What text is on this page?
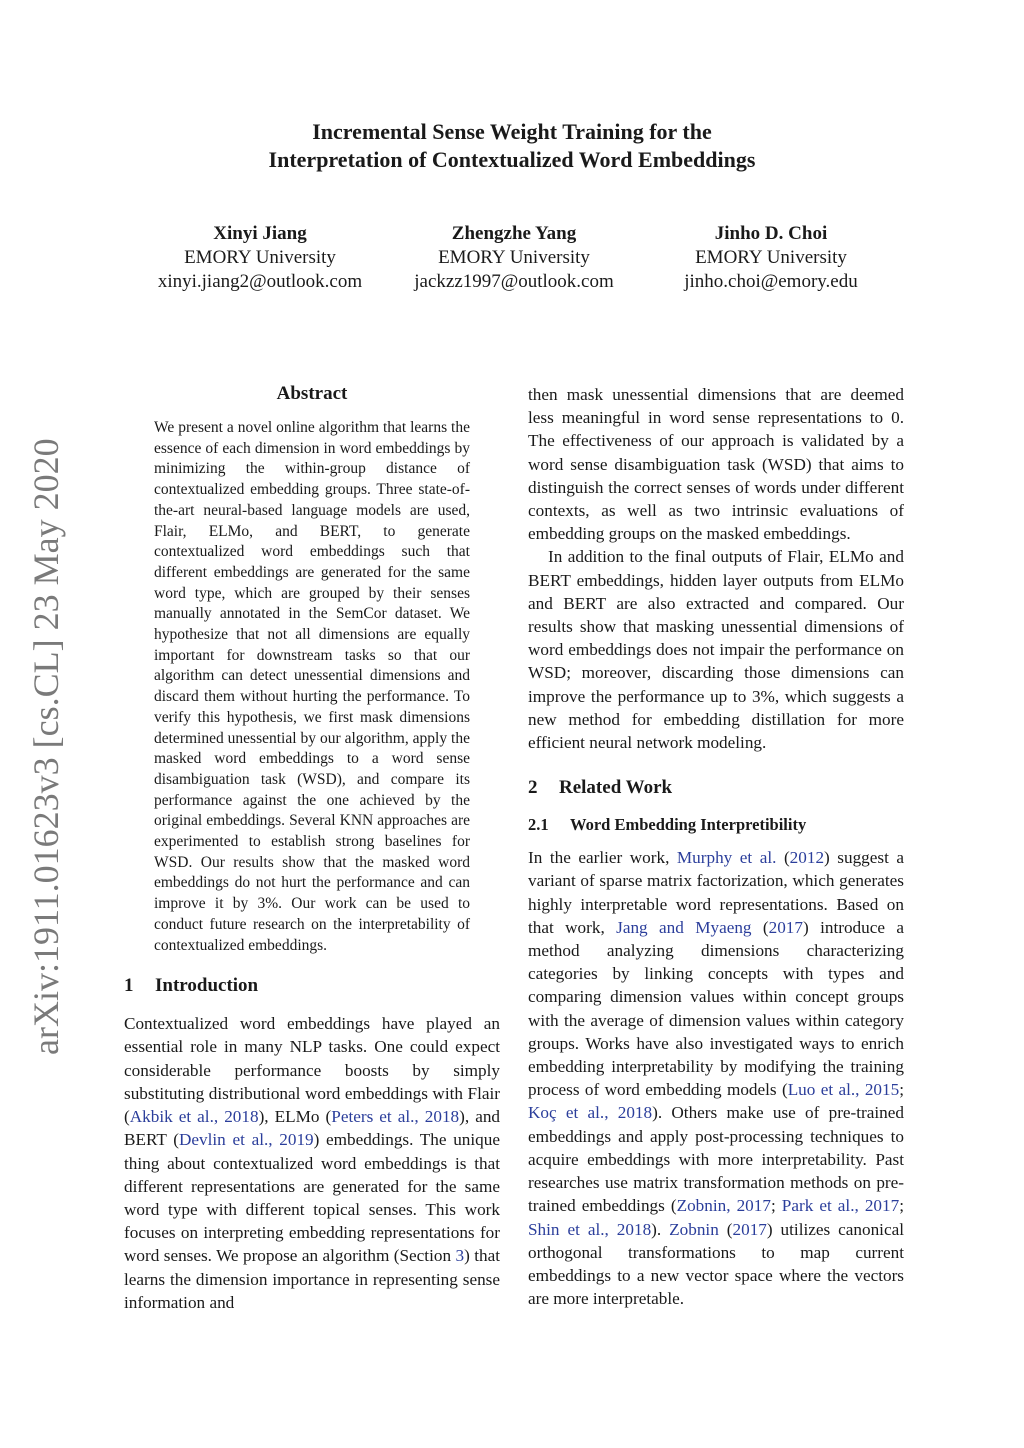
Incremental Sense Weight Training for the
Interpretation of Contextualized Word Embeddings
Xinyi Jiang
EMORY University
xinyi.jiang2@outlook.com
Zhengzhe Yang
EMORY University
jackzz1997@outlook.com
Jinho D. Choi
EMORY University
jinho.choi@emory.edu
arXiv:1911.01623v3 [cs.CL] 23 May 2020
Abstract

We present a novel online algorithm that learns the essence of each dimension in word embeddings by minimizing the within-group distance of contextualized embedding groups. Three state-of-the-art neural-based language models are used, Flair, ELMo, and BERT, to generate contextualized word embeddings such that different embeddings are generated for the same word type, which are grouped by their senses manually annotated in the SemCor dataset. We hypothesize that not all dimensions are equally important for downstream tasks so that our algorithm can detect unessential dimensions and discard them without hurting the performance. To verify this hypothesis, we first mask dimensions determined unessential by our algorithm, apply the masked word embeddings to a word sense disambiguation task (WSD), and compare its performance against the one achieved by the original embeddings. Several KNN approaches are experimented to establish strong baselines for WSD. Our results show that the masked word embeddings do not hurt the performance and can improve it by 3%. Our work can be used to conduct future research on the interpretability of contextualized embeddings.

1 Introduction

Contextualized word embeddings have played an essential role in many NLP tasks. One could expect considerable performance boosts by simply substituting distributional word embeddings with Flair (Akbik et al., 2018), ELMo (Peters et al., 2018), and BERT (Devlin et al., 2019) embeddings. The unique thing about contextualized word embeddings is that different representations are generated for the same word type with different topical senses. This work focuses on interpreting embedding representations for word senses. We propose an algorithm (Section 3) that learns the dimension importance in representing sense information and

then mask unessential dimensions that are deemed less meaningful in word sense representations to 0. The effectiveness of our approach is validated by a word sense disambiguation task (WSD) that aims to distinguish the correct senses of words under different contexts, as well as two intrinsic evaluations of embedding groups on the masked embeddings.

In addition to the final outputs of Flair, ELMo and BERT embeddings, hidden layer outputs from ELMo and BERT are also extracted and compared. Our results show that masking unessential dimensions of word embeddings does not impair the performance on WSD; moreover, discarding those dimensions can improve the performance up to 3%, which suggests a new method for embedding distillation for more efficient neural network modeling.

2 Related Work
2.1 Word Embedding Interpretibility

In the earlier work, Murphy et al. (2012) suggest a variant of sparse matrix factorization, which generates highly interpretable word representations. Based on that work, Jang and Myaeng (2017) introduce a method analyzing dimensions characterizing categories by linking concepts with types and comparing dimension values within concept groups with the average of dimension values within category groups. Works have also investigated ways to enrich embedding interpretability by modifying the training process of word embedding models (Luo et al., 2015; Koç et al., 2018). Others make use of pre-trained embeddings and apply post-processing techniques to acquire embeddings with more interpretability. Past researches use matrix transformation methods on pre-trained embeddings (Zobnin, 2017; Park et al., 2017; Shin et al., 2018). Zobnin (2017) utilizes canonical orthogonal transformations to map current embeddings to a new vector space where the vectors are more interpretable.
